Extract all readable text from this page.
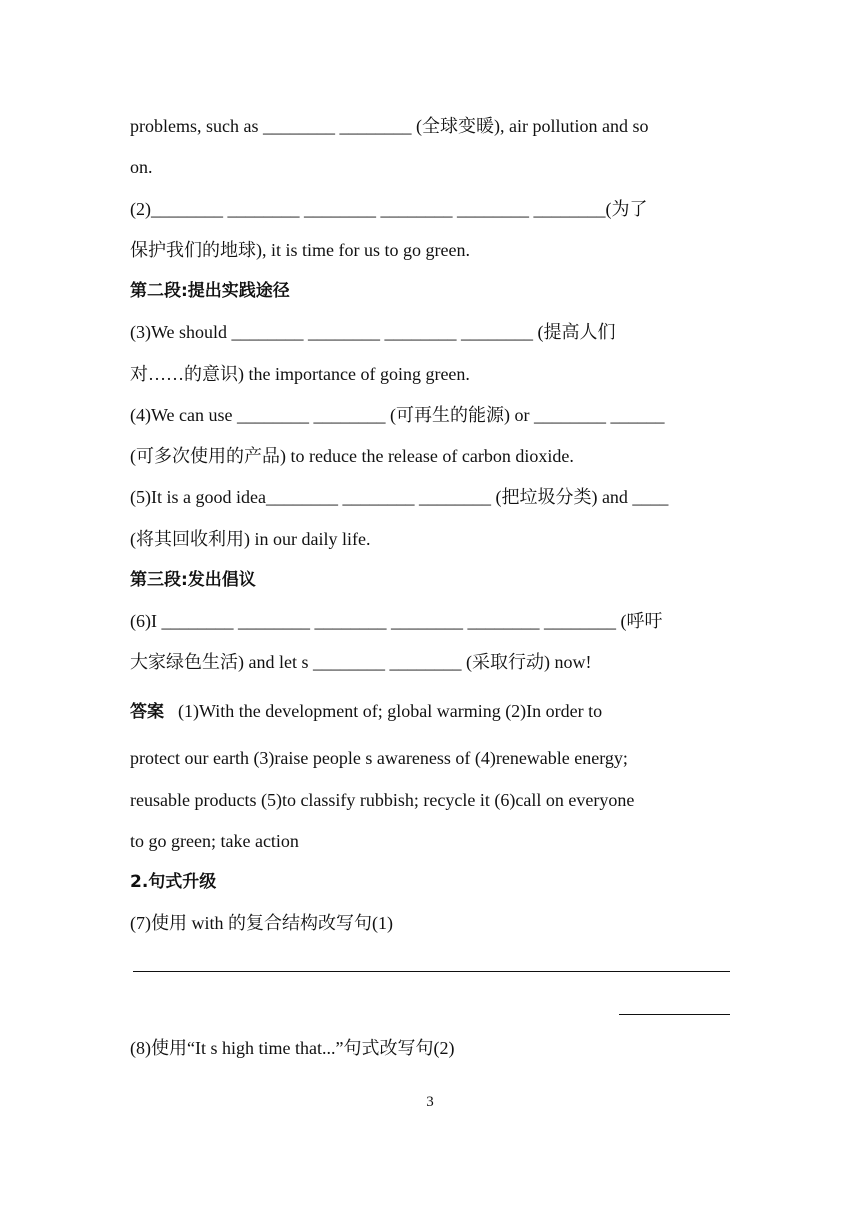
problems, such as ________ ________ (全球变暖), air pollution and so
on.
(2)________ ________ ________ ________ ________ ________(为了
保护我们的地球), it is time for us to go green.
第二段:提出实践途径
(3)We should ________ ________ ________ ________ (提高人们
对……的意识) the importance of going green.
(4)We can use ________ ________ (可再生的能源) or ________ ______
(可多次使用的产品) to reduce the release of carbon dioxide.
(5)It is a good idea________ ________ ________ (把垃圾分类) and ____
(将其回收利用) in our daily life.
第三段:发出倡议
(6)I ________ ________ ________ ________ ________ ________ (呼吁
大家绿色生活) and let s ________ ________ (采取行动) now!
答案 (1)With the development of; global warming (2)In order to
protect our earth (3)raise people s awareness of (4)renewable energy;
reusable products (5)to classify rubbish; recycle it (6)call on everyone
to go green; take action
2.句式升级
(7)使用 with 的复合结构改写句(1)
(8)使用“It s high time that...”句式改写句(2)
3
